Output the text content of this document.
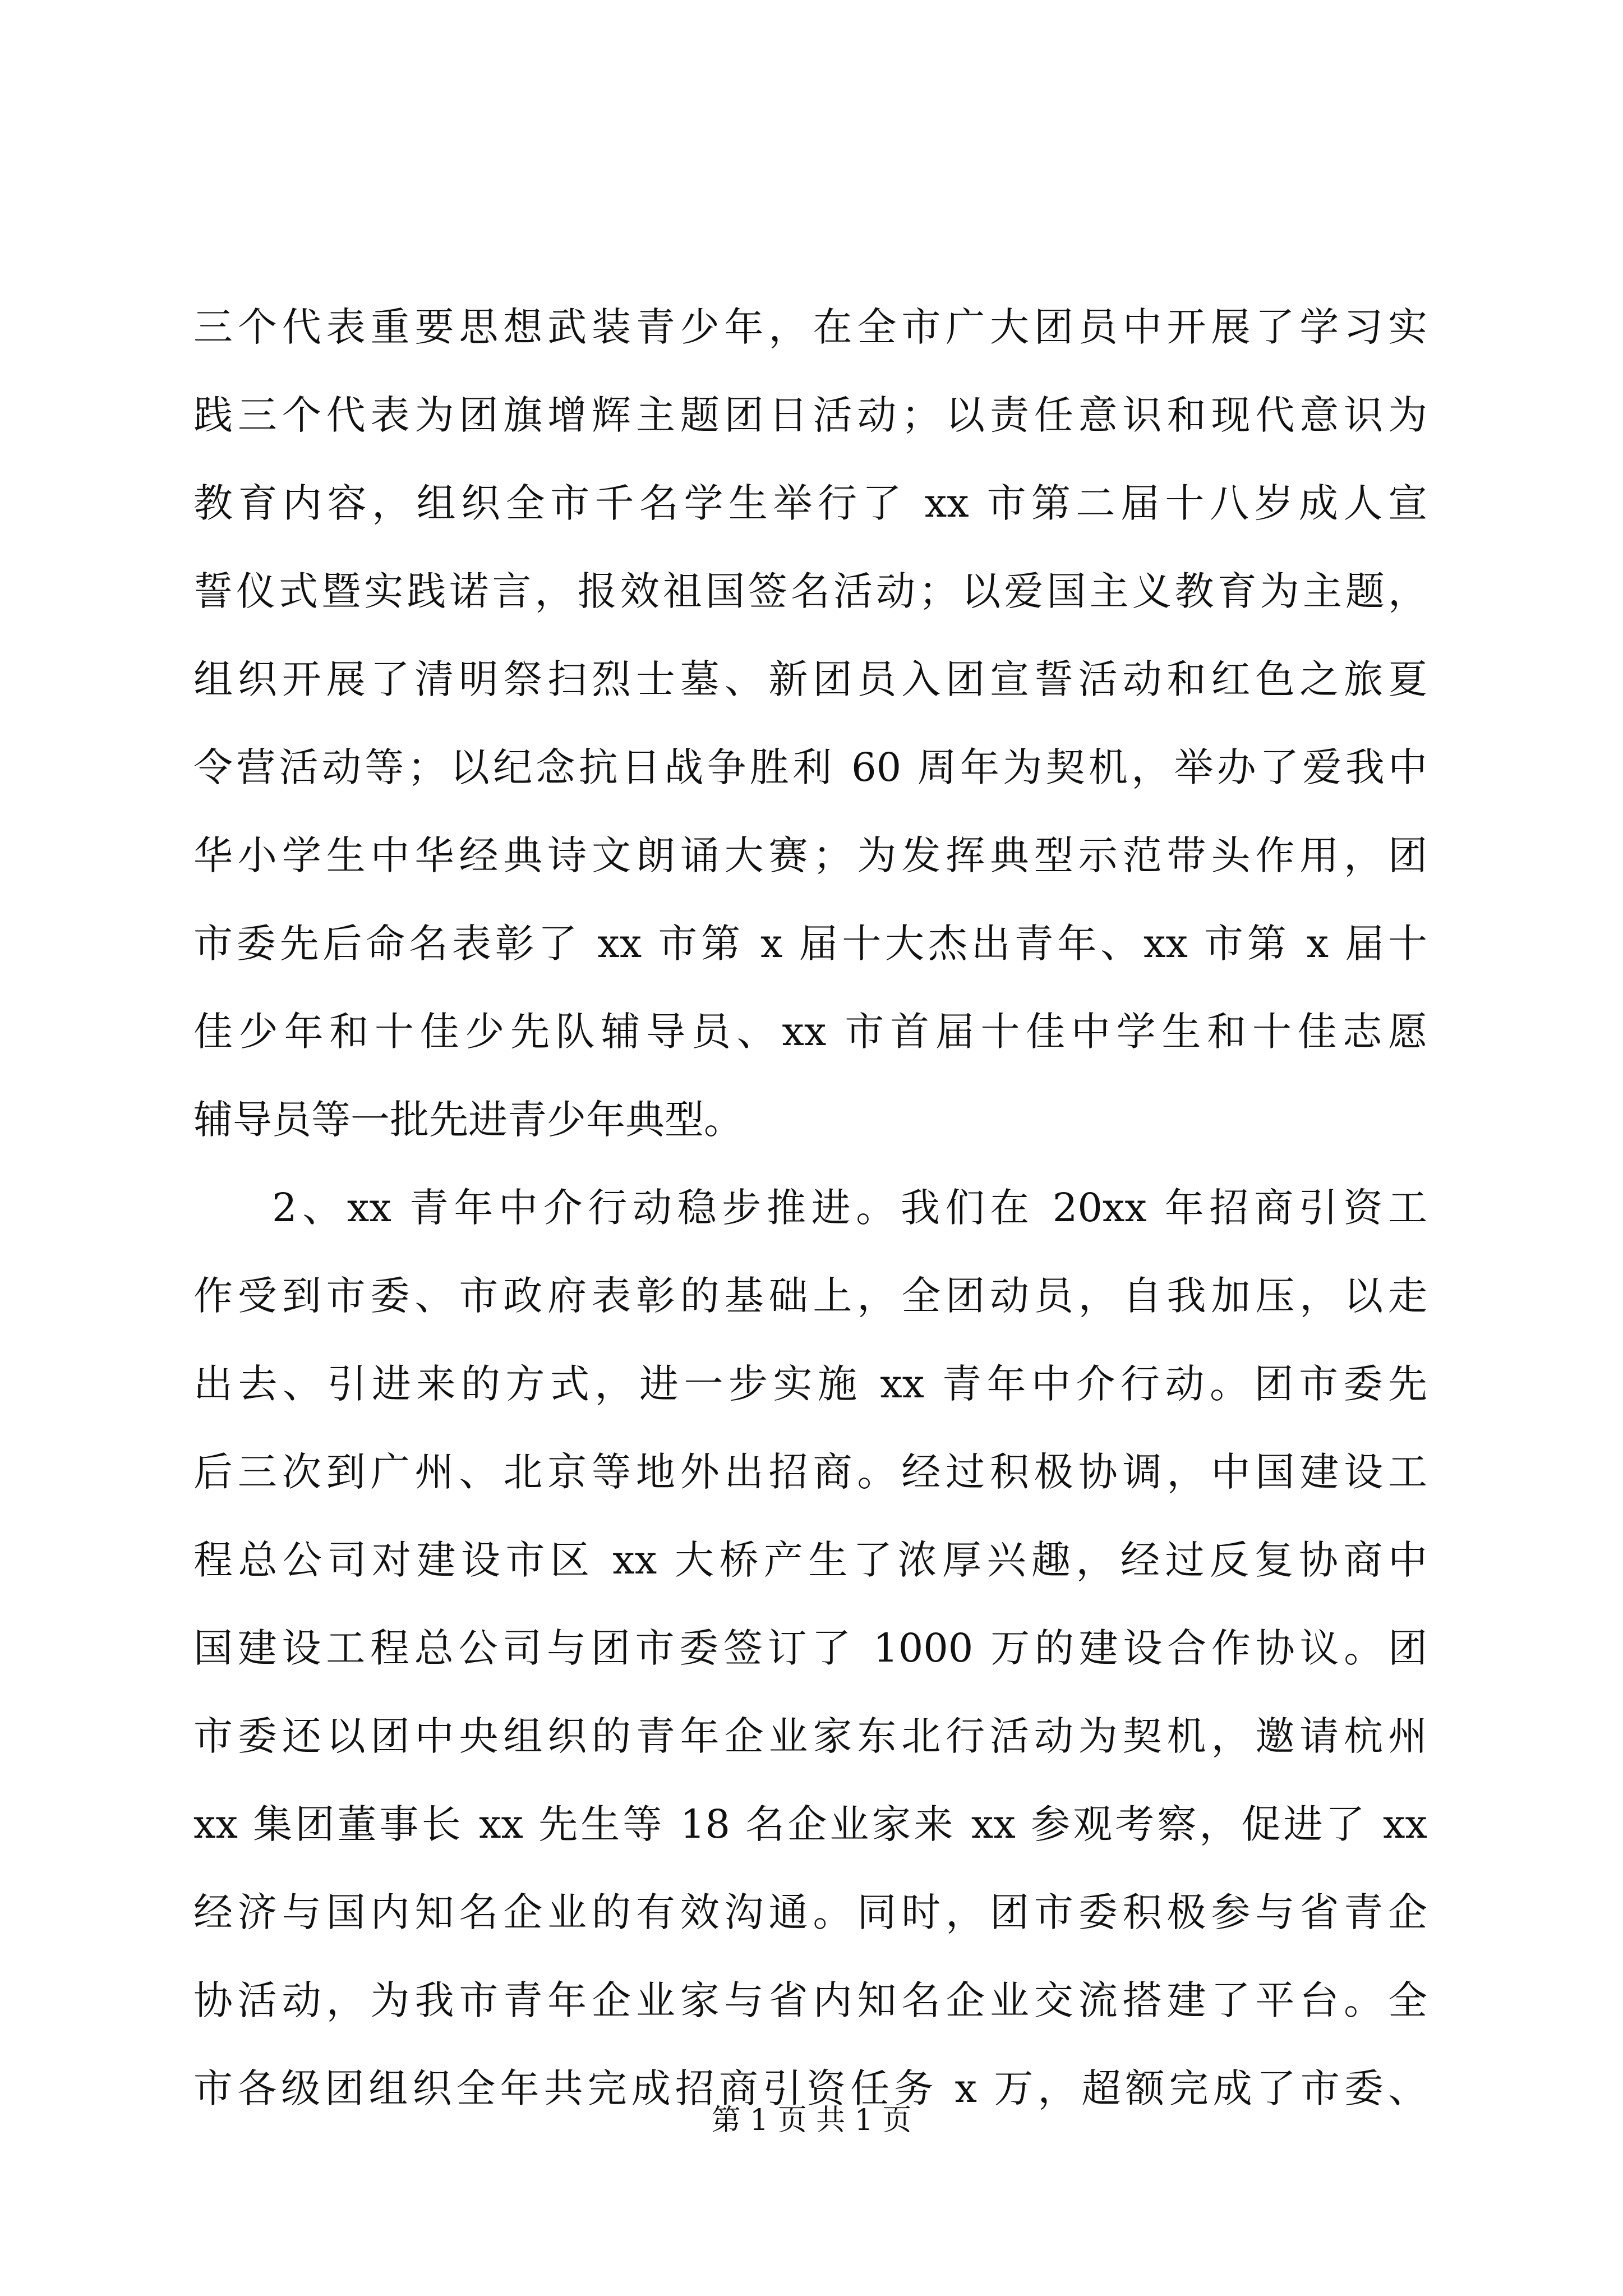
三个代表重要思想武装青少年，在全市广大团员中开展了学习实
践三个代表为团旗增辉主题团日活动；以责任意识和现代意识为
教育内容，组织全市千名学生举行了 xx 市第二届十八岁成人宣
誓仪式暨实践诺言，报效祖国签名活动；以爱国主义教育为主题，
组织开展了清明祭扫烈士墓、新团员入团宣誓活动和红色之旅夏
令营活动等；以纪念抗日战争胜利 60 周年为契机，举办了爱我中
华小学生中华经典诗文朗诵大赛；为发挥典型示范带头作用，团
市委先后命名表彰了 xx 市第 x 届十大杰出青年、xx 市第 x 届十
佳少年和十佳少先队辅导员、xx 市首届十佳中学生和十佳志愿
辅导员等一批先进青少年典型。
2、xx 青年中介行动稳步推进。我们在 20xx 年招商引资工
作受到市委、市政府表彰的基础上，全团动员，自我加压，以走
出去、引进来的方式，进一步实施 xx 青年中介行动。团市委先
后三次到广州、北京等地外出招商。经过积极协调，中国建设工
程总公司对建设市区 xx 大桥产生了浓厚兴趣，经过反复协商中
国建设工程总公司与团市委签订了 1000 万的建设合作协议。团
市委还以团中央组织的青年企业家东北行活动为契机，邀请杭州
xx 集团董事长 xx 先生等 18 名企业家来 xx 参观考察，促进了 xx
经济与国内知名企业的有效沟通。同时，团市委积极参与省青企
协活动，为我市青年企业家与省内知名企业交流搭建了平台。全
市各级团组织全年共完成招商引资任务 x 万，超额完成了市委、
第 1 页 共 1 页
